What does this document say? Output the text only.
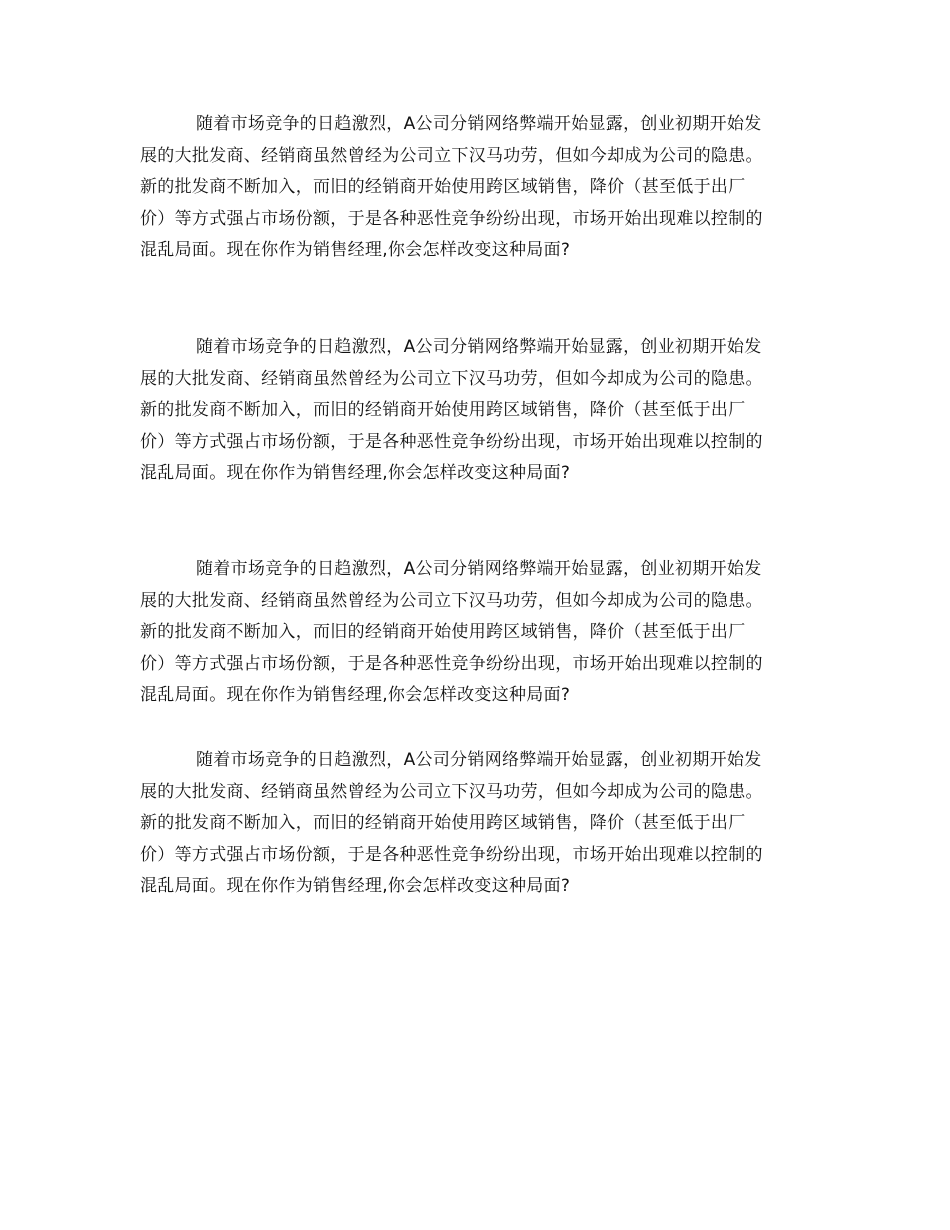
随着市场竞争的日趋激烈，A公司分销网络弊端开始显露，创业初期开始发
展的大批发商、经销商虽然曾经为公司立下汉马功劳，但如今却成为公司的隐患。
新的批发商不断加入，而旧的经销商开始使用跨区域销售，降价（甚至低于出厂
价）等方式强占市场份额，于是各种恶性竞争纷纷出现，市场开始出现难以控制的
混乱局面。现在你作为销售经理,你会怎样改变这种局面?
随着市场竞争的日趋激烈，A公司分销网络弊端开始显露，创业初期开始发
展的大批发商、经销商虽然曾经为公司立下汉马功劳，但如今却成为公司的隐患。
新的批发商不断加入，而旧的经销商开始使用跨区域销售，降价（甚至低于出厂
价）等方式强占市场份额，于是各种恶性竞争纷纷出现，市场开始出现难以控制的
混乱局面。现在你作为销售经理,你会怎样改变这种局面?
随着市场竞争的日趋激烈，A公司分销网络弊端开始显露，创业初期开始发
展的大批发商、经销商虽然曾经为公司立下汉马功劳，但如今却成为公司的隐患。
新的批发商不断加入，而旧的经销商开始使用跨区域销售，降价（甚至低于出厂
价）等方式强占市场份额，于是各种恶性竞争纷纷出现，市场开始出现难以控制的
混乱局面。现在你作为销售经理,你会怎样改变这种局面?
随着市场竞争的日趋激烈，A公司分销网络弊端开始显露，创业初期开始发
展的大批发商、经销商虽然曾经为公司立下汉马功劳，但如今却成为公司的隐患。
新的批发商不断加入，而旧的经销商开始使用跨区域销售，降价（甚至低于出厂
价）等方式强占市场份额，于是各种恶性竞争纷纷出现，市场开始出现难以控制的
混乱局面。现在你作为销售经理,你会怎样改变这种局面?
